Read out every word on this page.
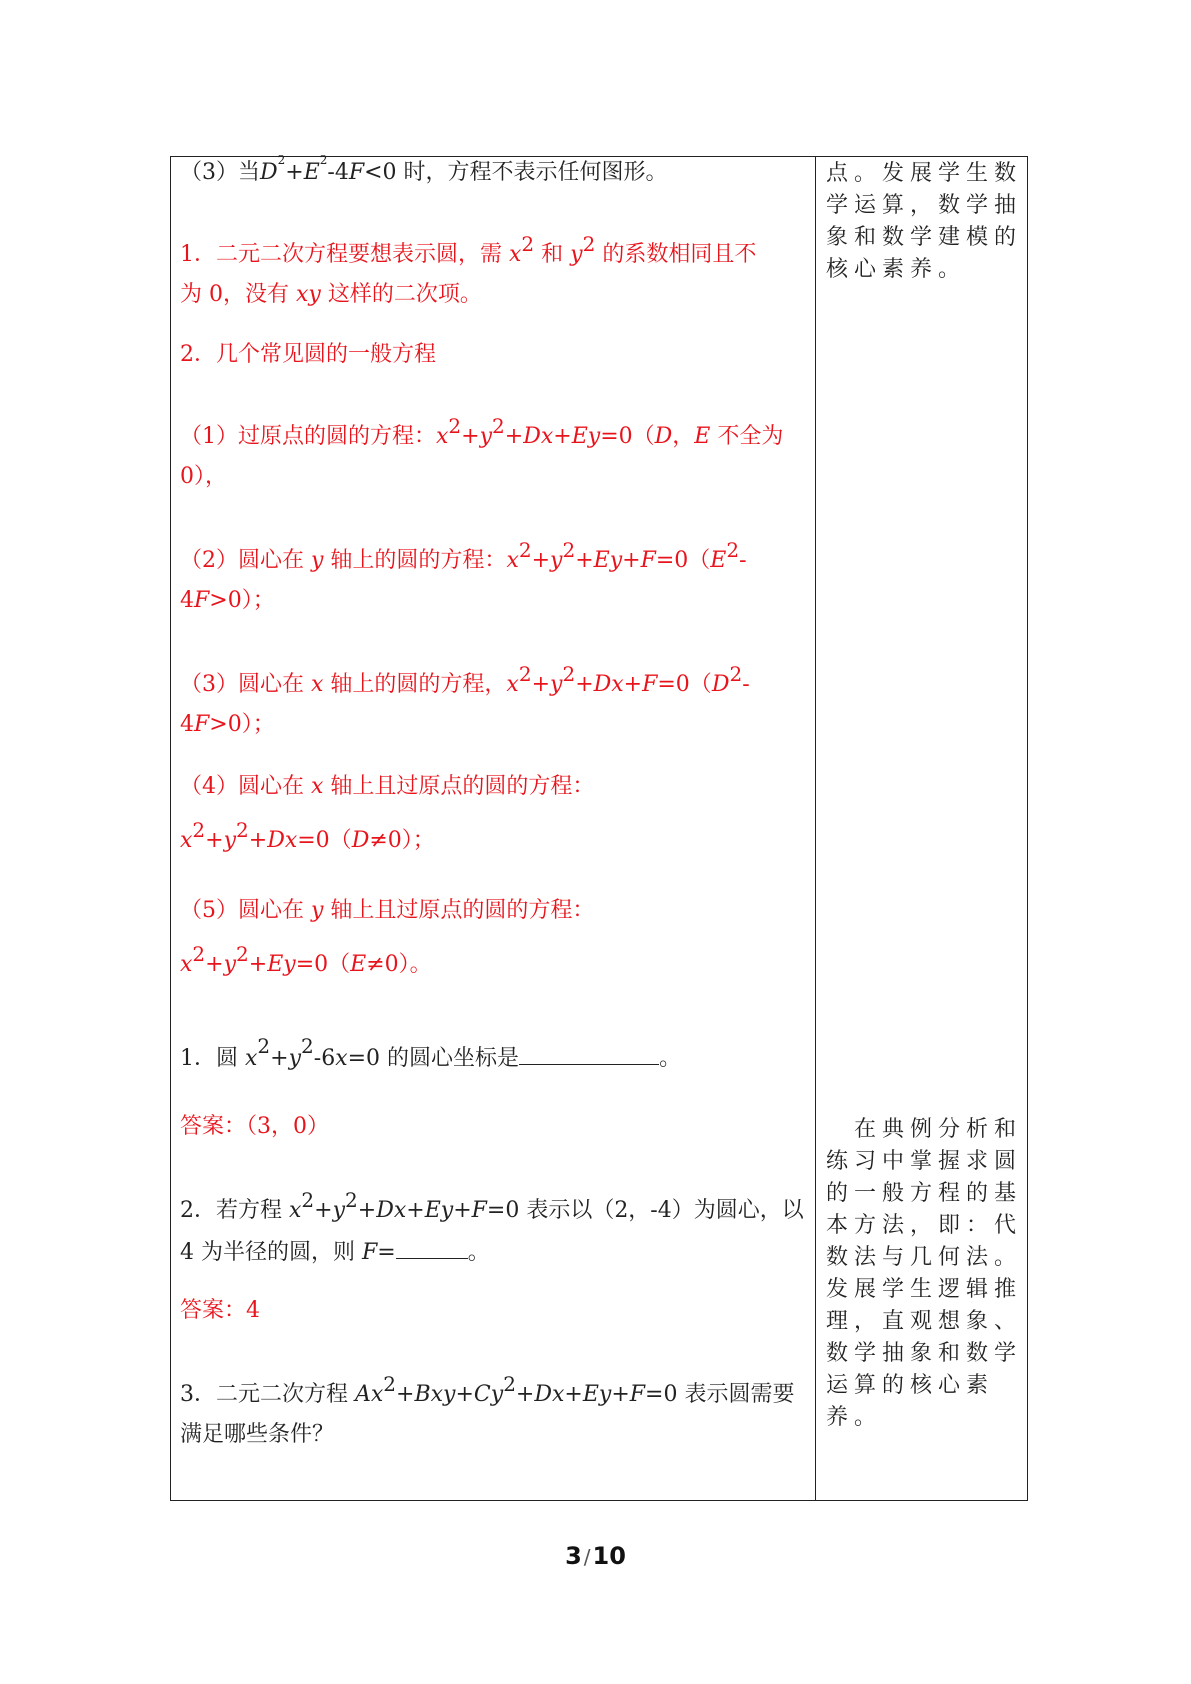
（3）当$D^2+E^2-4F<0$ 时，方程不表示任何图形。
1．二元二次方程要想表示圆，需 $x^2$ 和 $y^2$ 的系数相同且不
为 0，没有 xy 这样的二次项。
2．几个常见圆的一般方程
（1）过原点的圆的方程：$x^2+y^2+Dx+Ey=0(D$，E 不全为
0），
（2）圆心在 y 轴上的圆的方程：$x^2+y^2+Ey+F=0(E^2-$
4F>0）；
（3）圆心在 x 轴上的圆的方程，$x^2+y^2+Dx+F=0(D^2-$
4F>0）；
（4）圆心在 x 轴上且过原点的圆的方程：
$x^2+y^2+Dx=0(D\ne 0)$；
（5）圆心在 y 轴上且过原点的圆的方程：
$x^2+y^2+Ey=0(E\ne 0)$。
1．圆 $x^2+y^2-6x=0$ 的圆心坐标是	。
答案：（3，0）
2．若方程 $x^2+y^2+Dx+Ey+F=0$ 表示以（2，-4）为圆心，以
4 为半径的圆，则 F=	。
答案：4
3．二元二次方程 $Ax^2+Bxy+Cy^2+Dx+Ey+F=0$ 表示圆需要
满足哪些条件？
点。发展学生数
学运算，数学抽
象和数学建模的
核心素养。
　在典例分析和
练习中掌握求圆
的一般方程的基
本方法，即：代
数法与几何法。
发展学生逻辑推
理，直观想象、
数学抽象和数学
运算的核心素
养。
3 /10
